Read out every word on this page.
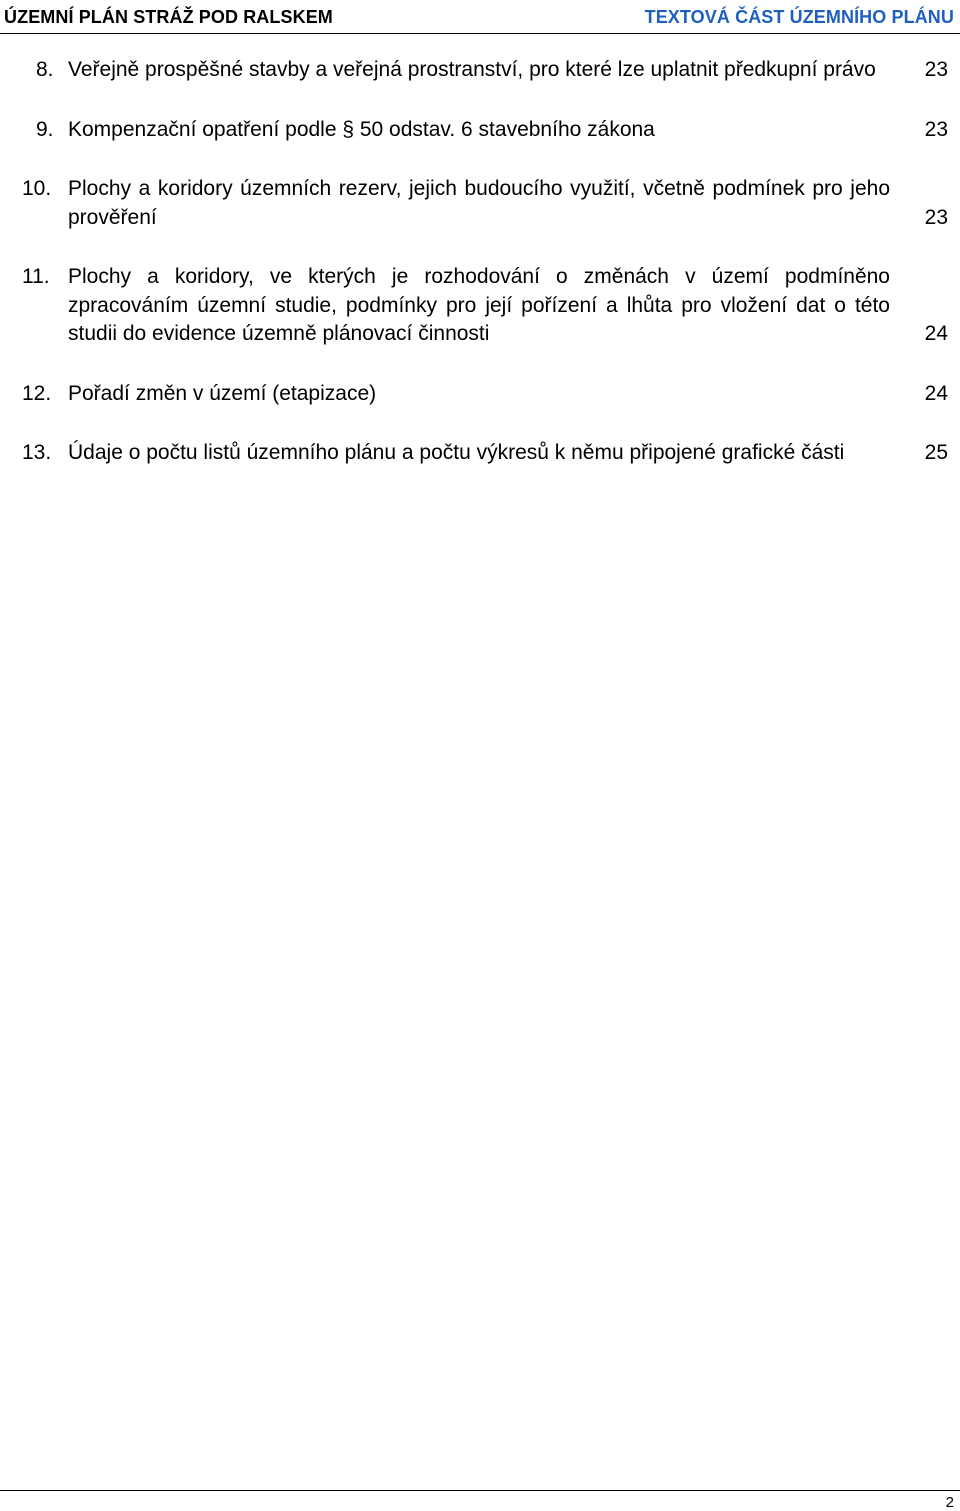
ÚZEMNÍ PLÁN STRÁŽ POD RALSKEM	TEXTOVÁ ČÁST ÚZEMNÍHO PLÁNU
8. Veřejně prospěšné stavby a veřejná prostranství, pro které lze uplatnit předkupní právo	23
9. Kompenzační opatření podle § 50 odstav. 6 stavebního zákona	23
10. Plochy a koridory územních rezerv, jejich budoucího využití, včetně podmínek pro jeho prověření	23
11. Plochy a koridory, ve kterých je rozhodování o změnách v území podmíněno zpracováním územní studie, podmínky pro její pořízení a lhůta pro vložení dat o této studii do evidence územně plánovací činnosti	24
12. Pořadí změn v území (etapizace)	24
13. Údaje o počtu listů územního plánu a počtu výkresů k němu připojené grafické části	25
2
